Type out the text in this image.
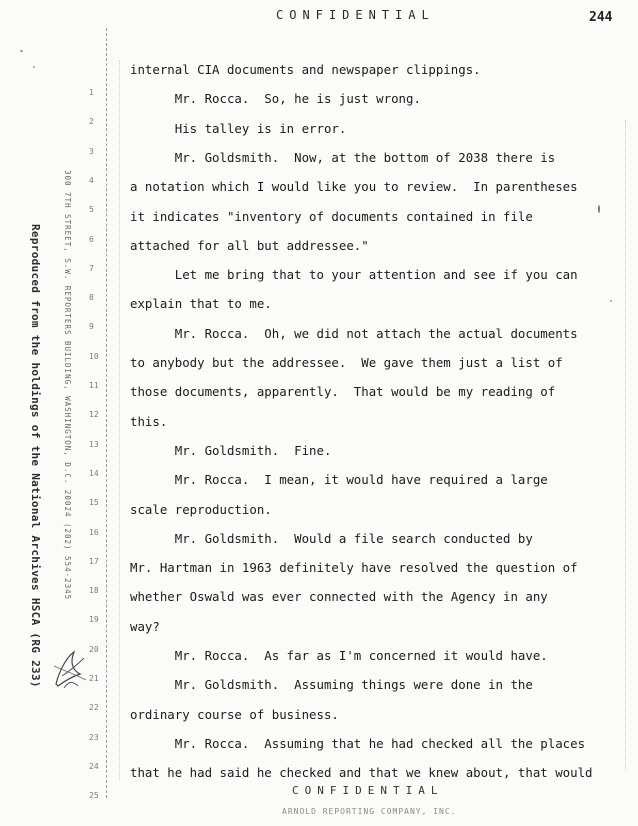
CONFIDENTIAL	244
Reproduced from the holdings of the National Archives HSCA (RG 233)	300 7TH STREET, S.W. REPORTERS BUILDING, WASHINGTON, D.C. 20024 (202) 554-2345
1
2
3
4
5
6
7
8
9
10
11
12
13
14
15
16
17
18
19
20
21
22
23
24
25
internal CIA documents and newspaper clippings.
Mr. Rocca.  So, he is just wrong.
His talley is in error.
Mr. Goldsmith.  Now, at the bottom of 2038 there is
a notation which I would like you to review.  In parentheses
it indicates "inventory of documents contained in file
attached for all but addressee."
Let me bring that to your attention and see if you can
explain that to me.
Mr. Rocca.  Oh, we did not attach the actual documents
to anybody but the addressee.  We gave them just a list of
those documents, apparently.  That would be my reading of
this.
Mr. Goldsmith.  Fine.
Mr. Rocca.  I mean, it would have required a large
scale reproduction.
Mr. Goldsmith.  Would a file search conducted by
Mr. Hartman in 1963 definitely have resolved the question of
whether Oswald was ever connected with the Agency in any
way?
Mr. Rocca.  As far as I'm concerned it would have.
Mr. Goldsmith.  Assuming things were done in the
ordinary course of business.
Mr. Rocca.  Assuming that he had checked all the places
that he had said he checked and that we knew about, that would
CONFIDENTIAL
ARNOLD REPORTING COMPANY, INC.
